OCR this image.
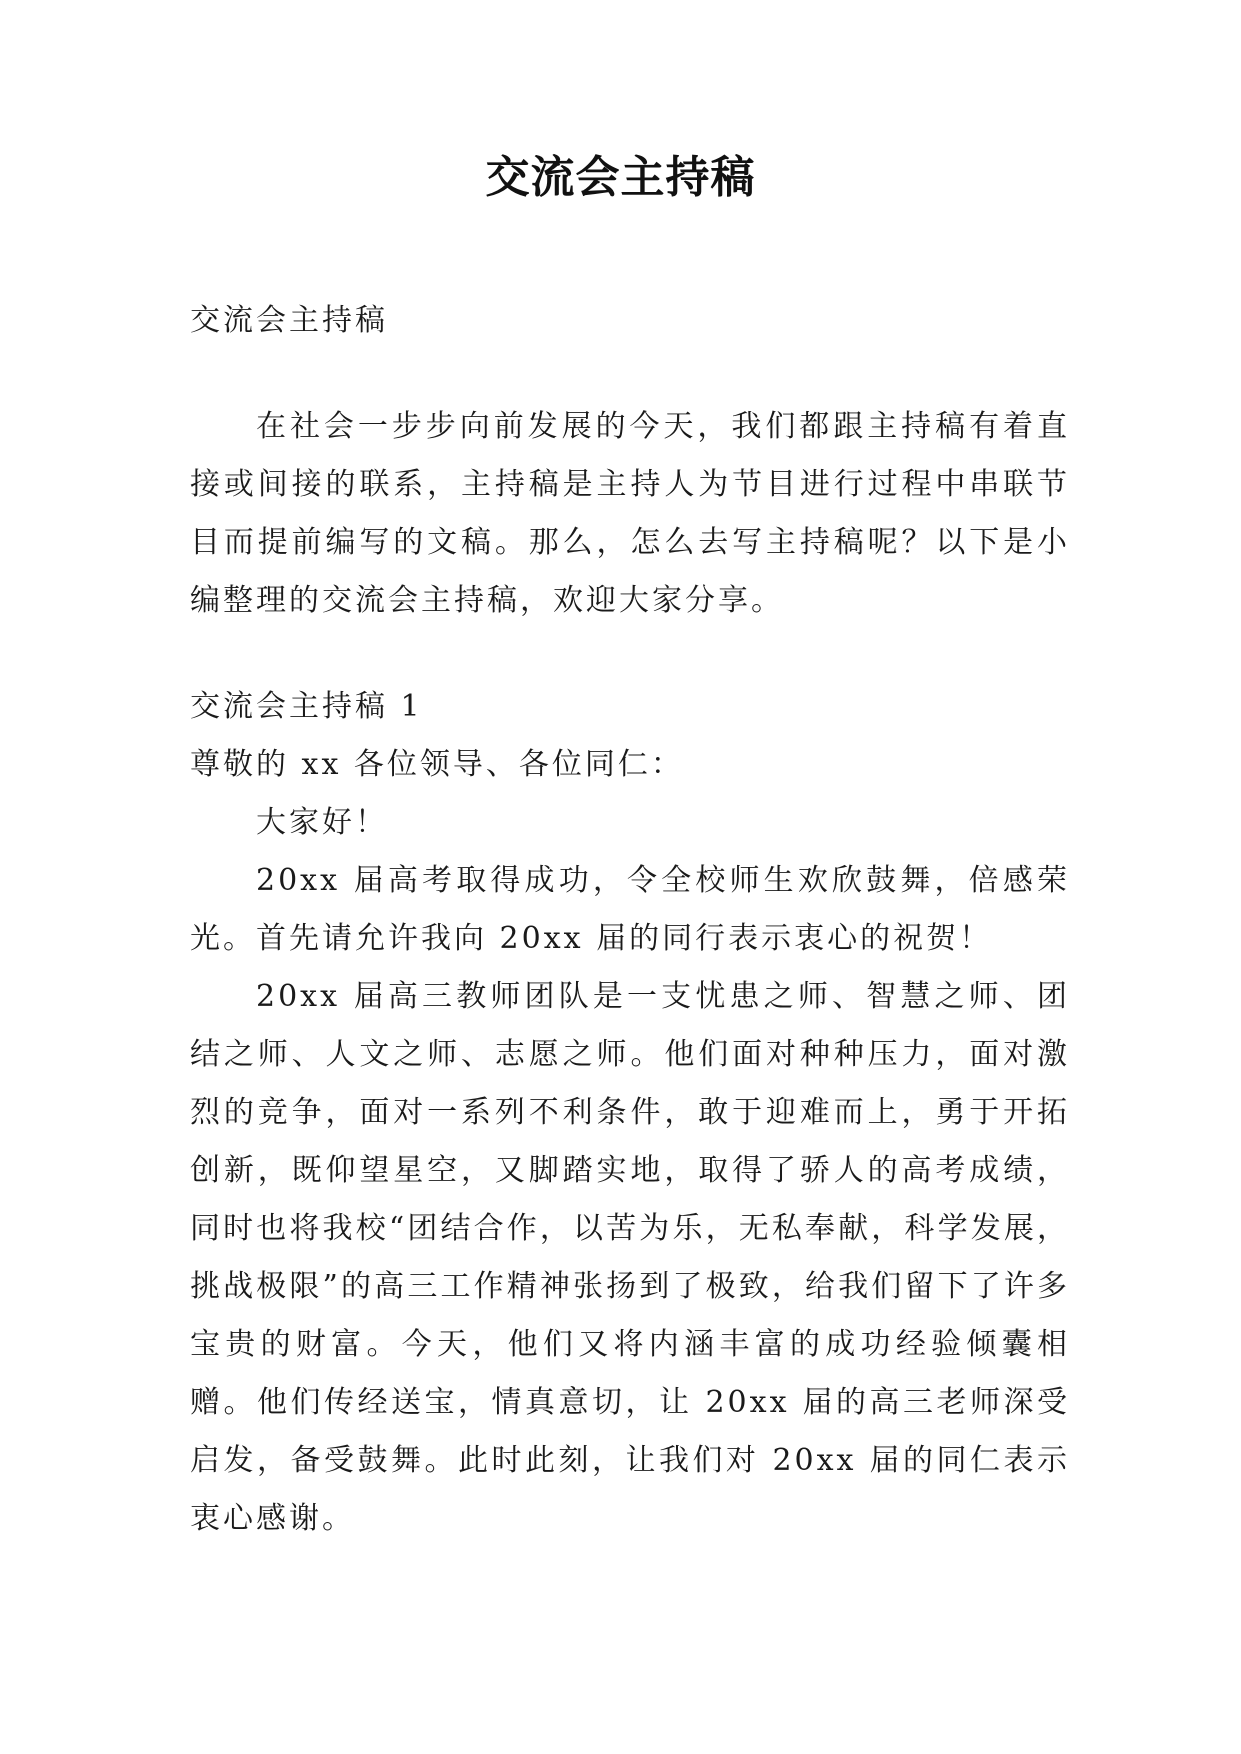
交流会主持稿

交流会主持稿

在社会一步步向前发展的今天，我们都跟主持稿有着直接或间接的联系，主持稿是主持人为节目进行过程中串联节目而提前编写的文稿。那么，怎么去写主持稿呢？以下是小编整理的交流会主持稿，欢迎大家分享。

交流会主持稿 1

尊敬的 xx 各位领导、各位同仁：

大家好！

20xx 届高考取得成功，令全校师生欢欣鼓舞，倍感荣光。首先请允许我向 20xx 届的同行表示衷心的祝贺！

20xx 届高三教师团队是一支忧患之师、智慧之师、团结之师、人文之师、志愿之师。他们面对种种压力，面对激烈的竞争，面对一系列不利条件，敢于迎难而上，勇于开拓创新，既仰望星空，又脚踏实地，取得了骄人的高考成绩，同时也将我校“团结合作，以苦为乐，无私奉献，科学发展，挑战极限”的高三工作精神张扬到了极致，给我们留下了许多宝贵的财富。今天，他们又将内涵丰富的成功经验倾囊相赠。他们传经送宝，情真意切，让 20xx 届的高三老师深受启发，备受鼓舞。此时此刻，让我们对 20xx 届的同仁表示衷心感谢。
